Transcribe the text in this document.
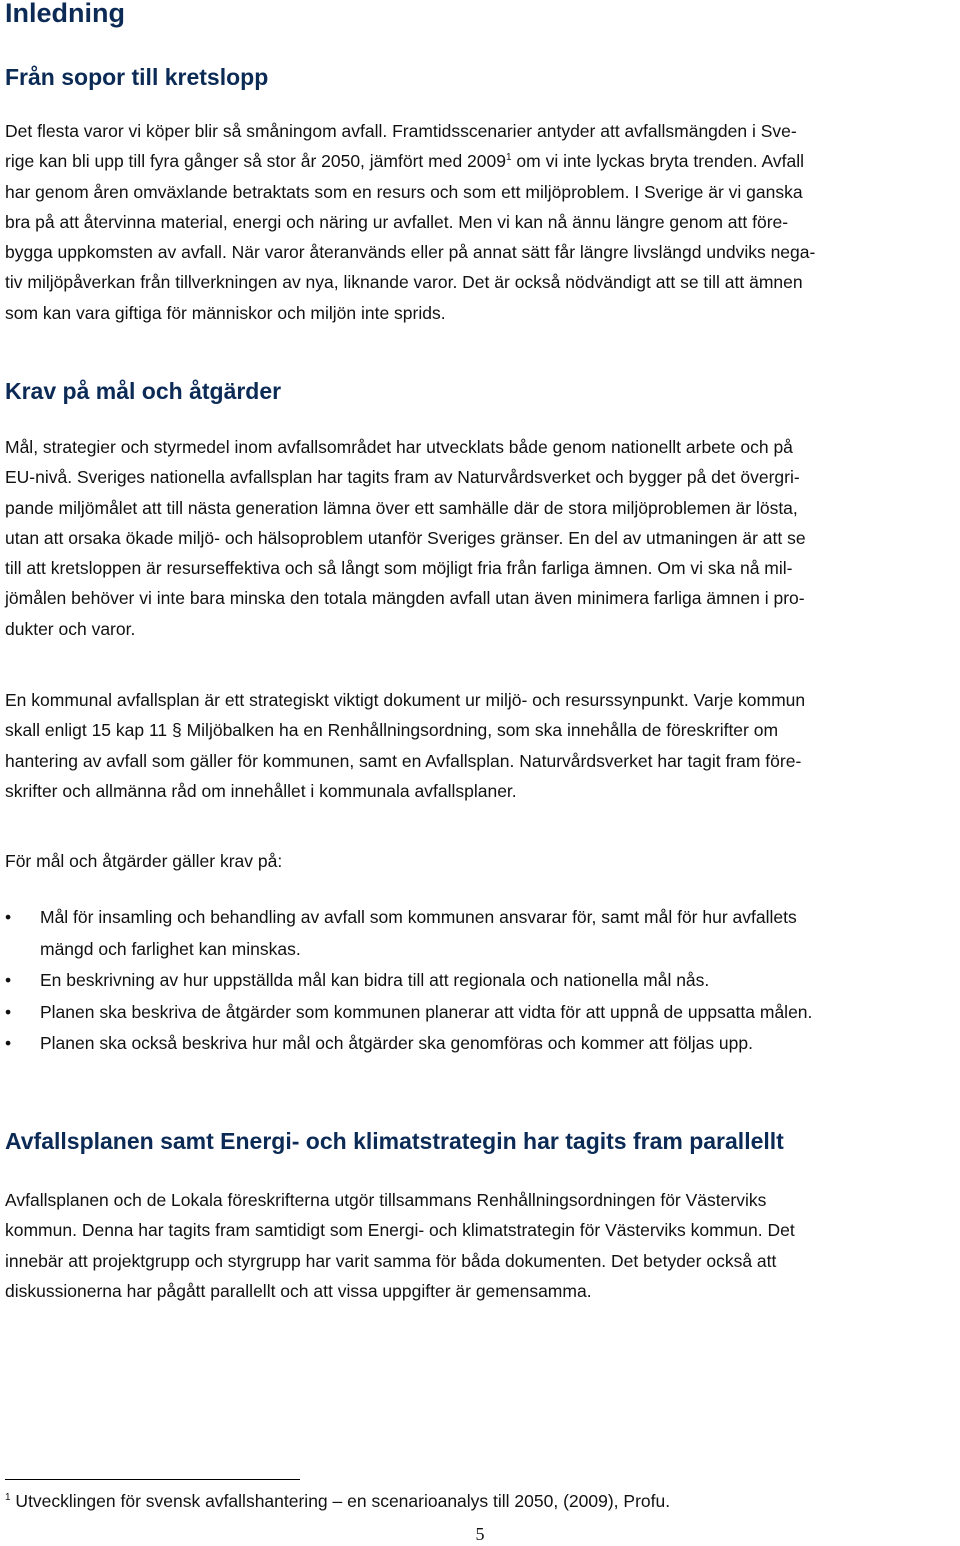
Inledning
Från sopor till kretslopp
Det flesta varor vi köper blir så småningom avfall. Framtidsscenarier antyder att avfallsmängden i Sve-
rige kan bli upp till fyra gånger så stor år 2050, jämfört med 2009$^1$ om vi inte lyckas bryta trenden. Avfall
har genom åren omväxlande betraktats som en resurs och som ett miljöproblem. I Sverige är vi ganska
bra på att återvinna material, energi och näring ur avfallet. Men vi kan nå ännu längre genom att före-
bygga uppkomsten av avfall. När varor återanvänds eller på annat sätt får längre livslängd undviks nega-
tiv miljöpåverkan från tillverkningen av nya, liknande varor. Det är också nödvändigt att se till att ämnen
som kan vara giftiga för människor och miljön inte sprids.
Krav på mål och åtgärder
Mål, strategier och styrmedel inom avfallsområdet har utvecklats både genom nationellt arbete och på
EU-nivå. Sveriges nationella avfallsplan har tagits fram av Naturvårdsverket och bygger på det övergri-
pande miljömålet att till nästa generation lämna över ett samhälle där de stora miljöproblemen är lösta,
utan att orsaka ökade miljö- och hälsoproblem utanför Sveriges gränser. En del av utmaningen är att se
till att kretsloppen är resurseffektiva och så långt som möjligt fria från farliga ämnen. Om vi ska nå mil-
jömålen behöver vi inte bara minska den totala mängden avfall utan även minimera farliga ämnen i pro-
dukter och varor.
En kommunal avfallsplan är ett strategiskt viktigt dokument ur miljö- och resurssynpunkt. Varje kommun
skall enligt 15 kap 11 § Miljöbalken ha en Renhållningsordning, som ska innehålla de föreskrifter om
hantering av avfall som gäller för kommunen, samt en Avfallsplan. Naturvårdsverket har tagit fram före-
skrifter och allmänna råd om innehållet i kommunala avfallsplaner.
För mål och åtgärder gäller krav på:
• Mål för insamling och behandling av avfall som kommunen ansvarar för, samt mål för hur avfallets
mängd och farlighet kan minskas.
• En beskrivning av hur uppställda mål kan bidra till att regionala och nationella mål nås.
• Planen ska beskriva de åtgärder som kommunen planerar att vidta för att uppnå de uppsatta målen.
• Planen ska också beskriva hur mål och åtgärder ska genomföras och kommer att följas upp.
Avfallsplanen samt Energi- och klimatstrategin har tagits fram parallellt
Avfallsplanen och de Lokala föreskrifterna utgör tillsammans Renhållningsordningen för Västerviks
kommun. Denna har tagits fram samtidigt som Energi- och klimatstrategin för Västerviks kommun. Det
innebär att projektgrupp och styrgrupp har varit samma för båda dokumenten. Det betyder också att
diskussionerna har pågått parallellt och att vissa uppgifter är gemensamma.
$^1$ Utvecklingen för svensk avfallshantering – en scenarioanalys till 2050, (2009), Profu.
5
